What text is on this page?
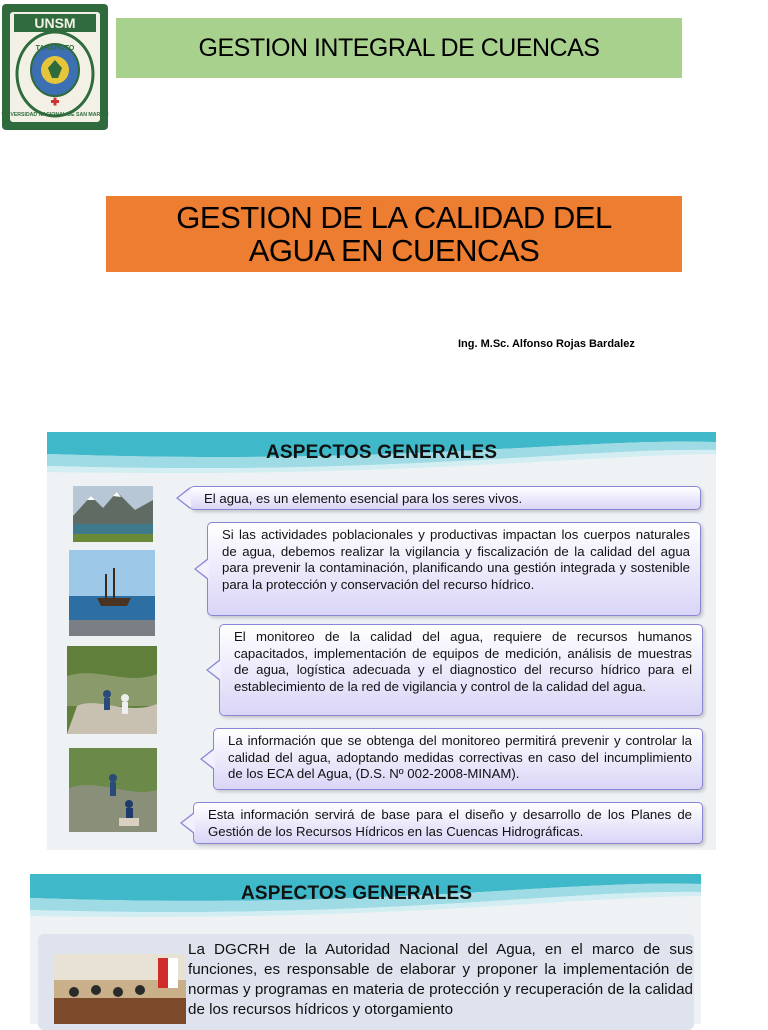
UNSM
TARAPOTO
UNIVERSIDAD NACIONAL DE SAN MARTIN
GESTION INTEGRAL DE CUENCAS
GESTION DE LA CALIDAD DEL
AGUA EN CUENCAS
Ing. M.Sc. Alfonso Rojas Bardalez
ASPECTOS GENERALES
El agua, es un elemento esencial para los seres vivos.
Si las actividades poblacionales y productivas impactan los cuerpos naturales de agua, debemos realizar la vigilancia y fiscalización de la calidad del agua para prevenir la contaminación, planificando una gestión integrada y sostenible para la protección y conservación del recurso hídrico.
El monitoreo de la calidad del agua, requiere de recursos humanos capacitados, implementación de equipos de medición, análisis de muestras de agua, logística adecuada y el diagnostico del recurso hídrico para el establecimiento de la red de vigilancia y control de la calidad del agua.
La información que se obtenga del monitoreo permitirá prevenir y controlar la calidad del agua, adoptando medidas correctivas en caso del incumplimiento de los ECA del Agua, (D.S. Nº 002-2008-MINAM).
Esta información servirá de base para el diseño y desarrollo de los Planes de Gestión de los Recursos Hídricos en las Cuencas Hidrográficas.
ASPECTOS GENERALES
La DGCRH de la Autoridad Nacional del Agua, en el marco de sus funciones, es responsable de elaborar y proponer la implementación de normas y programas en materia de protección y recuperación de la calidad de los recursos hídricos y otorgamiento
